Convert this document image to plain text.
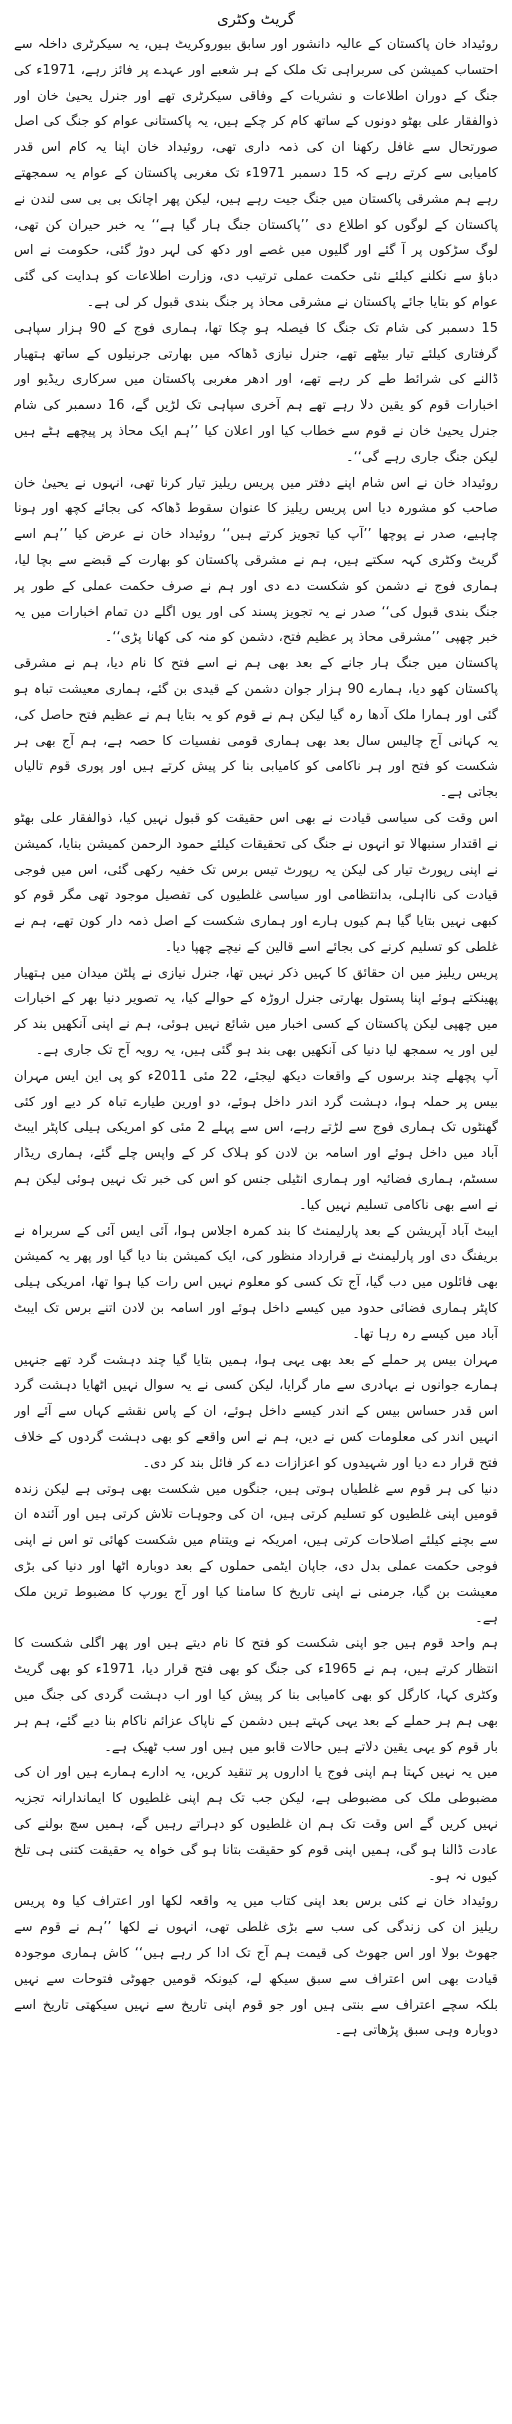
گریٹ وکٹری

روئیداد خان پاکستان کے عالیہ دانشور اور سابق بیوروکریٹ ہیں، یہ سیکرٹری داخلہ سے احتساب کمیشن کی سربراہی تک ملک کے ہر شعبے اور عہدے پر فائز رہے، 1971ء کی جنگ کے دوران اطلاعات و نشریات کے وفاقی سیکرٹری تھے اور جنرل یحییٰ خان اور ذوالفقار علی بھٹو دونوں کے ساتھ کام کر چکے ہیں، یہ پاکستانی عوام کو جنگ کی اصل صورتحال سے غافل رکھنا ان کی ذمہ داری تھی، روئیداد خان اپنا یہ کام اس قدر کامیابی سے کرتے رہے کہ 15 دسمبر 1971ء تک مغربی پاکستان کے عوام یہ سمجھتے رہے ہم مشرقی پاکستان میں جنگ جیت رہے ہیں، لیکن پھر اچانک بی بی سی لندن نے پاکستان کے لوگوں کو اطلاع دی ’’پاکستان جنگ ہار گیا ہے‘‘ یہ خبر حیران کن تھی، لوگ سڑکوں پر آ گئے اور گلیوں میں غصے اور دکھ کی لہر دوڑ گئی، حکومت نے اس دباؤ سے نکلنے کیلئے نئی حکمت عملی ترتیب دی، وزارت اطلاعات کو ہدایت کی گئی عوام کو بتایا جائے پاکستان نے مشرقی محاذ پر جنگ بندی قبول کر لی ہے۔

15 دسمبر کی شام تک جنگ کا فیصلہ ہو چکا تھا، ہماری فوج کے 90 ہزار سپاہی گرفتاری کیلئے تیار بیٹھے تھے، جنرل نیازی ڈھاکہ میں بھارتی جرنیلوں کے ساتھ ہتھیار ڈالنے کی شرائط طے کر رہے تھے، اور ادھر مغربی پاکستان میں سرکاری ریڈیو اور اخبارات قوم کو یقین دلا رہے تھے ہم آخری سپاہی تک لڑیں گے، 16 دسمبر کی شام جنرل یحییٰ خان نے قوم سے خطاب کیا اور اعلان کیا ’’ہم ایک محاذ پر پیچھے ہٹے ہیں لیکن جنگ جاری رہے گی‘‘۔

روئیداد خان نے اس شام اپنے دفتر میں پریس ریلیز تیار کرنا تھی، انہوں نے یحییٰ خان صاحب کو مشورہ دیا اس پریس ریلیز کا عنوان سقوط ڈھاکہ کی بجائے کچھ اور ہونا چاہیے، صدر نے پوچھا ’’آپ کیا تجویز کرتے ہیں‘‘ روئیداد خان نے عرض کیا ’’ہم اسے گریٹ وکٹری کہہ سکتے ہیں، ہم نے مشرقی پاکستان کو بھارت کے قبضے سے بچا لیا، ہماری فوج نے دشمن کو شکست دے دی اور ہم نے صرف حکمت عملی کے طور پر جنگ بندی قبول کی‘‘ صدر نے یہ تجویز پسند کی اور یوں اگلے دن تمام اخبارات میں یہ خبر چھپی ’’مشرقی محاذ پر عظیم فتح، دشمن کو منہ کی کھانا پڑی‘‘۔

پاکستان میں جنگ ہار جانے کے بعد بھی ہم نے اسے فتح کا نام دیا، ہم نے مشرقی پاکستان کھو دیا، ہمارے 90 ہزار جوان دشمن کے قیدی بن گئے، ہماری معیشت تباہ ہو گئی اور ہمارا ملک آدھا رہ گیا لیکن ہم نے قوم کو یہ بتایا ہم نے عظیم فتح حاصل کی، یہ کہانی آج چالیس سال بعد بھی ہماری قومی نفسیات کا حصہ ہے، ہم آج بھی ہر شکست کو فتح اور ہر ناکامی کو کامیابی بنا کر پیش کرتے ہیں اور پوری قوم تالیاں بجاتی ہے۔

اس وقت کی سیاسی قیادت نے بھی اس حقیقت کو قبول نہیں کیا، ذوالفقار علی بھٹو نے اقتدار سنبھالا تو انہوں نے جنگ کی تحقیقات کیلئے حمود الرحمن کمیشن بنایا، کمیشن نے اپنی رپورٹ تیار کی لیکن یہ رپورٹ تیس برس تک خفیہ رکھی گئی، اس میں فوجی قیادت کی نااہلی، بدانتظامی اور سیاسی غلطیوں کی تفصیل موجود تھی مگر قوم کو کبھی نہیں بتایا گیا ہم کیوں ہارے اور ہماری شکست کے اصل ذمہ دار کون تھے، ہم نے غلطی کو تسلیم کرنے کی بجائے اسے قالین کے نیچے چھپا دیا۔

پریس ریلیز میں ان حقائق کا کہیں ذکر نہیں تھا، جنرل نیازی نے پلٹن میدان میں ہتھیار پھینکتے ہوئے اپنا پستول بھارتی جنرل اروڑہ کے حوالے کیا، یہ تصویر دنیا بھر کے اخبارات میں چھپی لیکن پاکستان کے کسی اخبار میں شائع نہیں ہوئی، ہم نے اپنی آنکھیں بند کر لیں اور یہ سمجھ لیا دنیا کی آنکھیں بھی بند ہو گئی ہیں، یہ رویہ آج تک جاری ہے۔

آپ پچھلے چند برسوں کے واقعات دیکھ لیجئے، 22 مئی 2011ء کو پی این ایس مہران بیس پر حملہ ہوا، دہشت گرد اندر داخل ہوئے، دو اورین طیارے تباہ کر دیے اور کئی گھنٹوں تک ہماری فوج سے لڑتے رہے، اس سے پہلے 2 مئی کو امریکی ہیلی کاپٹر ایبٹ آباد میں داخل ہوئے اور اسامہ بن لادن کو ہلاک کر کے واپس چلے گئے، ہماری ریڈار سسٹم، ہماری فضائیہ اور ہماری انٹیلی جنس کو اس کی خبر تک نہیں ہوئی لیکن ہم نے اسے بھی ناکامی تسلیم نہیں کیا۔

ایبٹ آباد آپریشن کے بعد پارلیمنٹ کا بند کمرہ اجلاس ہوا، آئی ایس آئی کے سربراہ نے بریفنگ دی اور پارلیمنٹ نے قرارداد منظور کی، ایک کمیشن بنا دیا گیا اور پھر یہ کمیشن بھی فائلوں میں دب گیا، آج تک کسی کو معلوم نہیں اس رات کیا ہوا تھا، امریکی ہیلی کاپٹر ہماری فضائی حدود میں کیسے داخل ہوئے اور اسامہ بن لادن اتنے برس تک ایبٹ آباد میں کیسے رہ رہا تھا۔

مہران بیس پر حملے کے بعد بھی یہی ہوا، ہمیں بتایا گیا چند دہشت گرد تھے جنہیں ہمارے جوانوں نے بہادری سے مار گرایا، لیکن کسی نے یہ سوال نہیں اٹھایا دہشت گرد اس قدر حساس بیس کے اندر کیسے داخل ہوئے، ان کے پاس نقشے کہاں سے آئے اور انہیں اندر کی معلومات کس نے دیں، ہم نے اس واقعے کو بھی دہشت گردوں کے خلاف فتح قرار دے دیا اور شہیدوں کو اعزازات دے کر فائل بند کر دی۔

دنیا کی ہر قوم سے غلطیاں ہوتی ہیں، جنگوں میں شکست بھی ہوتی ہے لیکن زندہ قومیں اپنی غلطیوں کو تسلیم کرتی ہیں، ان کی وجوہات تلاش کرتی ہیں اور آئندہ ان سے بچنے کیلئے اصلاحات کرتی ہیں، امریکہ نے ویتنام میں شکست کھائی تو اس نے اپنی فوجی حکمت عملی بدل دی، جاپان ایٹمی حملوں کے بعد دوبارہ اٹھا اور دنیا کی بڑی معیشت بن گیا، جرمنی نے اپنی تاریخ کا سامنا کیا اور آج یورپ کا مضبوط ترین ملک ہے۔

ہم واحد قوم ہیں جو اپنی شکست کو فتح کا نام دیتے ہیں اور پھر اگلی شکست کا انتظار کرتے ہیں، ہم نے 1965ء کی جنگ کو بھی فتح قرار دیا، 1971ء کو بھی گریٹ وکٹری کہا، کارگل کو بھی کامیابی بنا کر پیش کیا اور اب دہشت گردی کی جنگ میں بھی ہم ہر حملے کے بعد یہی کہتے ہیں دشمن کے ناپاک عزائم ناکام بنا دیے گئے، ہم ہر بار قوم کو یہی یقین دلاتے ہیں حالات قابو میں ہیں اور سب ٹھیک ہے۔

میں یہ نہیں کہتا ہم اپنی فوج یا اداروں پر تنقید کریں، یہ ادارے ہمارے ہیں اور ان کی مضبوطی ملک کی مضبوطی ہے، لیکن جب تک ہم اپنی غلطیوں کا ایماندارانہ تجزیہ نہیں کریں گے اس وقت تک ہم ان غلطیوں کو دہراتے رہیں گے، ہمیں سچ بولنے کی عادت ڈالنا ہو گی، ہمیں اپنی قوم کو حقیقت بتانا ہو گی خواہ یہ حقیقت کتنی ہی تلخ کیوں نہ ہو۔

روئیداد خان نے کئی برس بعد اپنی کتاب میں یہ واقعہ لکھا اور اعتراف کیا وہ پریس ریلیز ان کی زندگی کی سب سے بڑی غلطی تھی، انہوں نے لکھا ’’ہم نے قوم سے جھوٹ بولا اور اس جھوٹ کی قیمت ہم آج تک ادا کر رہے ہیں‘‘ کاش ہماری موجودہ قیادت بھی اس اعتراف سے سبق سیکھ لے، کیونکہ قومیں جھوٹی فتوحات سے نہیں بلکہ سچے اعتراف سے بنتی ہیں اور جو قوم اپنی تاریخ سے نہیں سیکھتی تاریخ اسے دوبارہ وہی سبق پڑھاتی ہے۔
